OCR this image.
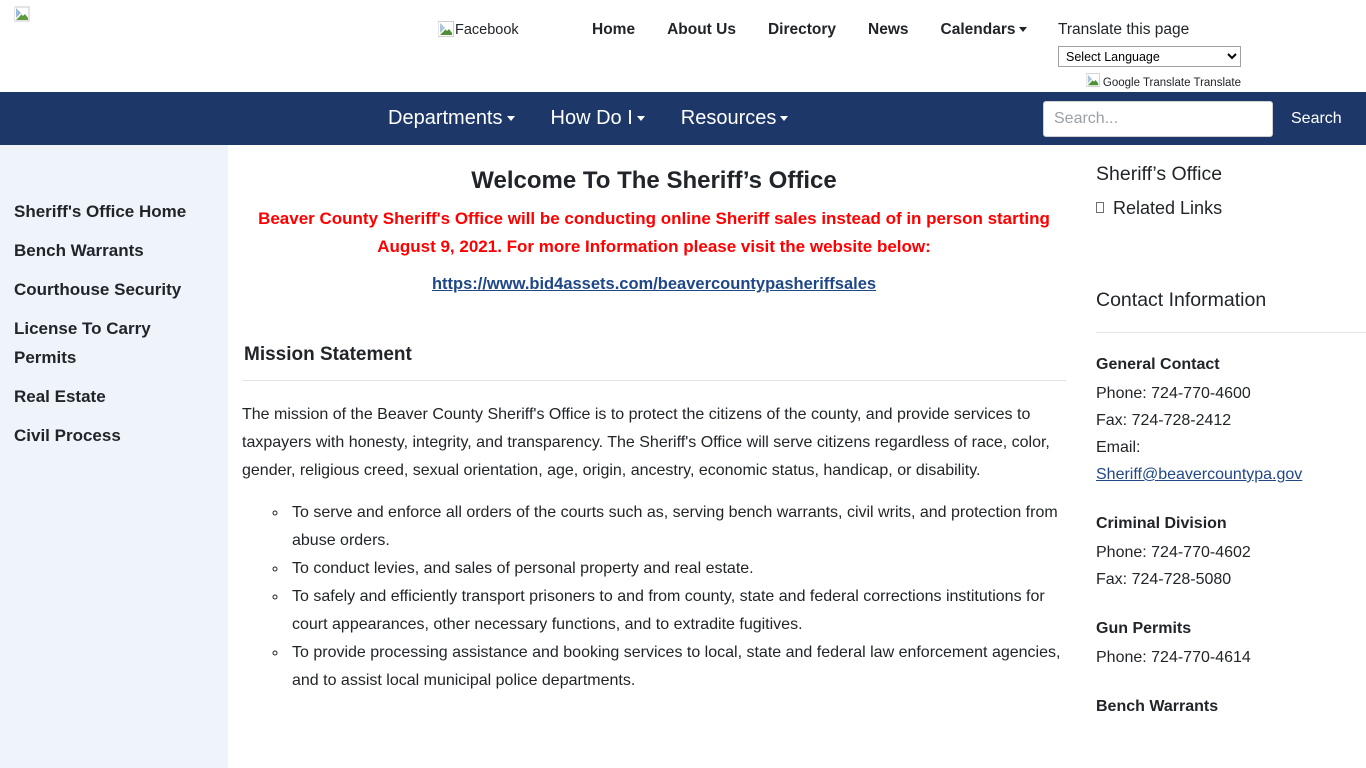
Facebook	Home	About Us	Directory	News	Calendars	Translate this page
Select Language
Google Translate Translate
Departments	How Do I	Resources
Search...	Search
Sheriff's Office Home
Bench Warrants
Courthouse Security
License To Carry Permits
Real Estate
Civil Process
Welcome To The Sheriff’s Office
Beaver County Sheriff's Office will be conducting online Sheriff sales instead of in person starting August 9, 2021. For more Information please visit the website below:
https://www.bid4assets.com/beavercountypasheriffsales
Mission Statement

The mission of the Beaver County Sheriff's Office is to protect the citizens of the county, and provide services to taxpayers with honesty, integrity, and transparency. The Sheriff's Office will serve citizens regardless of race, color, gender, religious creed, sexual orientation, age, origin, ancestry, economic status, handicap, or disability.

◦ To serve and enforce all orders of the courts such as, serving bench warrants, civil writs, and protection from abuse orders.
◦ To conduct levies, and sales of personal property and real estate.
◦ To safely and efficiently transport prisoners to and from county, state and federal corrections institutions for court appearances, other necessary functions, and to extradite fugitives.
◦ To provide processing assistance and booking services to local, state and federal law enforcement agencies, and to assist local municipal police departments.
Sheriff’s Office
Related Links
Contact Information
General Contact
Phone: 724-770-4600
Fax: 724-728-2412
Email:
Sheriff@beavercountypa.gov
Criminal Division
Phone: 724-770-4602
Fax: 724-728-5080
Gun Permits
Phone: 724-770-4614
Bench Warrants
